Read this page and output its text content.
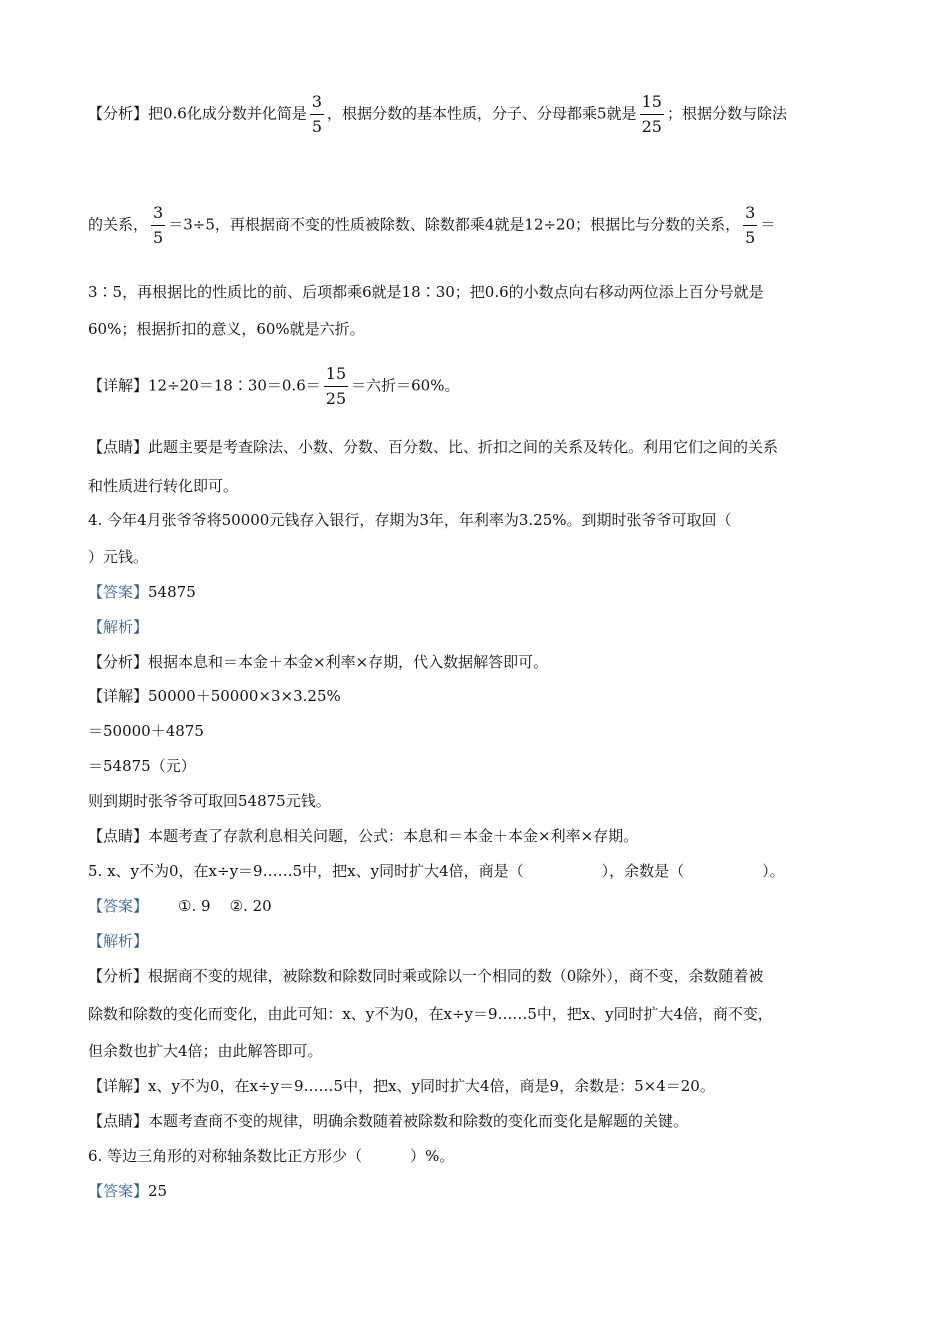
【分析】把0.6化成分数并化简是 $\frac{3}{5}$ ，根据分数的基本性质，分子、分母都乘5就是 $\frac{15}{25}$ ；根据分数与除法
的关系， $\frac{3}{5} =3\div 5$，再根据商不变的性质被除数、除数都乘4就是12÷20；根据比与分数的关系， $\frac{3}{5}$ ＝
3∶5，再根据比的性质比的前、后项都乘6就是18∶30；把0.6的小数点向右移动两位添上百分号就是
60%；根据折扣的意义，60%就是六折。
【详解】12÷20＝18∶30＝0.6＝ $\frac{15}{25}$ ＝六折＝60%。
【点睛】此题主要是考查除法、小数、分数、百分数、比、折扣之间的关系及转化。利用它们之间的关系
和性质进行转化即可。
4. 今年4月张爷爷将50000元钱存入银行，存期为3年，年利率为3.25%。到期时张爷爷可取回（
）元钱。
【答案】54875
【解析】
【分析】根据本息和＝本金＋本金×利率×存期，代入数据解答即可。
【详解】50000＋50000×3×3.25%
＝50000＋4875
＝54875（元）
则到期时张爷爷可取回54875元钱。
【点睛】本题考查了存款利息相关问题，公式：本息和＝本金＋本金×利率×存期。
5. x、y不为0，在x÷y＝9……5中，把x、y同时扩大4倍，商是（	），余数是（	）。
【答案】 ①. 9    ②. 20
【解析】
【分析】根据商不变的规律，被除数和除数同时乘或除以一个相同的数（0除外），商不变，余数随着被
除数和除数的变化而变化，由此可知：x、y不为0，在x÷y＝9……5中，把x、y同时扩大4倍，商不变，
但余数也扩大4倍；由此解答即可。
【详解】x、y不为0，在x÷y＝9……5中，把x、y同时扩大4倍，商是9，余数是：5×4＝20。
【点睛】本题考查商不变的规律，明确余数随着被除数和除数的变化而变化是解题的关键。
6. 等边三角形的对称轴条数比正方形少（	）%。
【答案】25
